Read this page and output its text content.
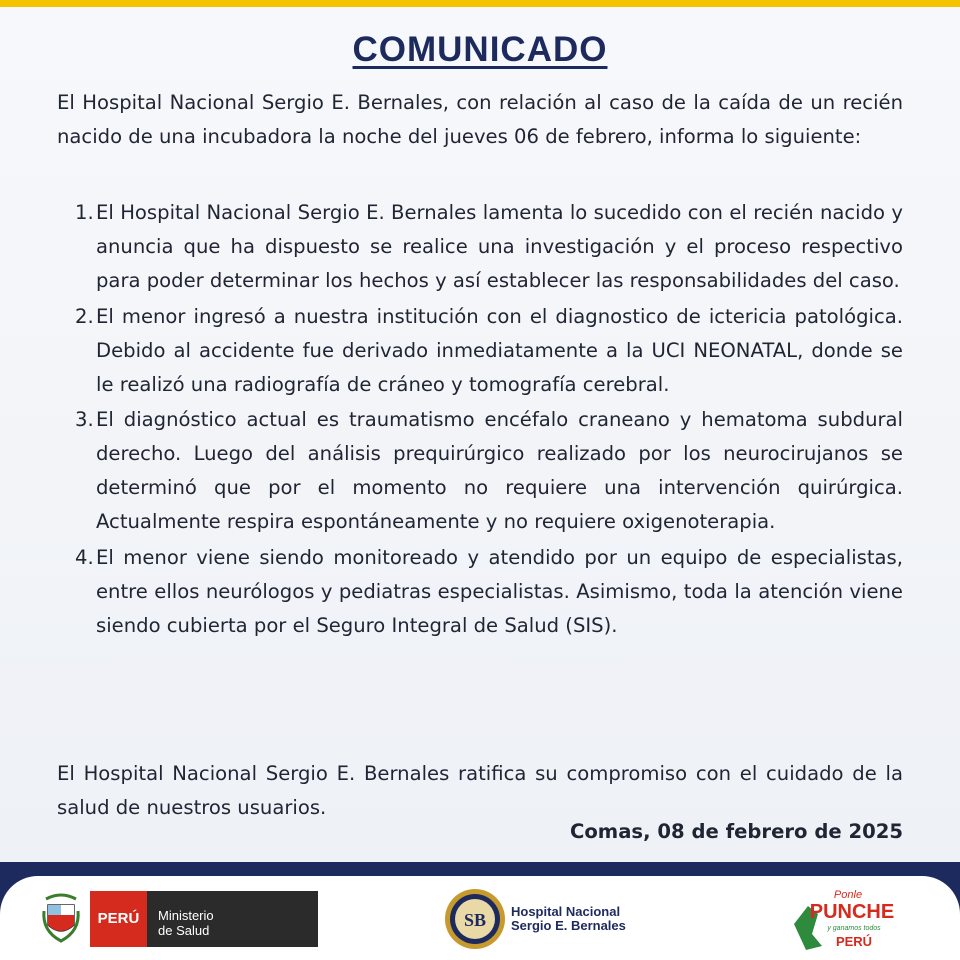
COMUNICADO

El Hospital Nacional Sergio E. Bernales, con relación al caso de la caída de un recién nacido de una incubadora la noche del jueves 06 de febrero, informa lo siguiente:

1. El Hospital Nacional Sergio E. Bernales lamenta lo sucedido con el recién nacido y anuncia que ha dispuesto se realice una investigación y el proceso respectivo para poder determinar los hechos y así establecer las responsabilidades del caso.
2. El menor ingresó a nuestra institución con el diagnostico de ictericia patológica. Debido al accidente fue derivado inmediatamente a la UCI NEONATAL, donde se le realizó una radiografía de cráneo y tomografía cerebral.
3. El diagnóstico actual es traumatismo encéfalo craneano y hematoma subdural derecho. Luego del análisis prequirúrgico realizado por los neurocirujanos se determinó que por el momento no requiere una intervención quirúrgica. Actualmente respira espontáneamente y no requiere oxigenoterapia.
4. El menor viene siendo monitoreado y atendido por un equipo de especialistas, entre ellos neurólogos y pediatras especialistas. Asimismo, toda la atención viene siendo cubierta por el Seguro Integral de Salud (SIS).

El Hospital Nacional Sergio E. Bernales ratifica su compromiso con el cuidado de la salud de nuestros usuarios.

Comas, 08 de febrero de 2025
PERÚ	Ministerio
de Salud
SB Hospital Nacional
Sergio E. Bernales
Ponle
PUNCHE
y ganamos todos
PERÚ
